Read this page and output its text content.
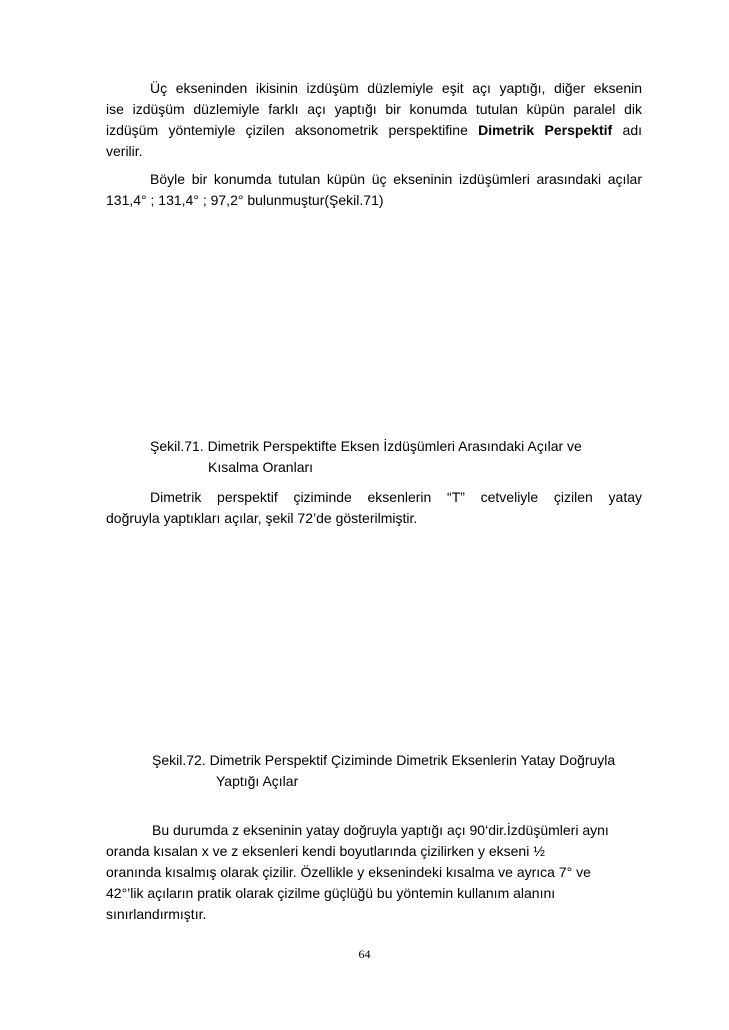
Üç ekseninden ikisinin izdüşüm düzlemiyle eşit açı yaptığı, diğer eksenin
ise izdüşüm düzlemiyle farklı açı yaptığı bir konumda tutulan küpün paralel dik
izdüşüm yöntemiyle çizilen aksonometrik perspektifine Dimetrik Perspektif adı
verilir.
Böyle bir konumda tutulan küpün üç ekseninin izdüşümleri arasındaki açılar
131,4° ; 131,4° ; 97,2° bulunmuştur(Şekil.71)
Şekil.71. Dimetrik Perspektifte Eksen İzdüşümleri Arasındaki Açılar ve
Kısalma Oranları
Dimetrik perspektif çiziminde eksenlerin “T” cetveliyle çizilen yatay
doğruyla yaptıkları açılar, şekil 72’de gösterilmiştir.
Şekil.72. Dimetrik Perspektif Çiziminde Dimetrik Eksenlerin Yatay Doğruyla
Yaptığı Açılar
Bu durumda z ekseninin yatay doğruyla yaptığı açı 90‘dir.İzdüşümleri aynı
oranda kısalan x ve z eksenleri kendi boyutlarında çizilirken y ekseni ½
oranında kısalmış olarak çizilir. Özellikle y eksenindeki kısalma ve ayrıca 7° ve
42°’lik açıların pratik olarak çizilme güçlüğü bu yöntemin kullanım alanını
sınırlandırmıştır.
64
